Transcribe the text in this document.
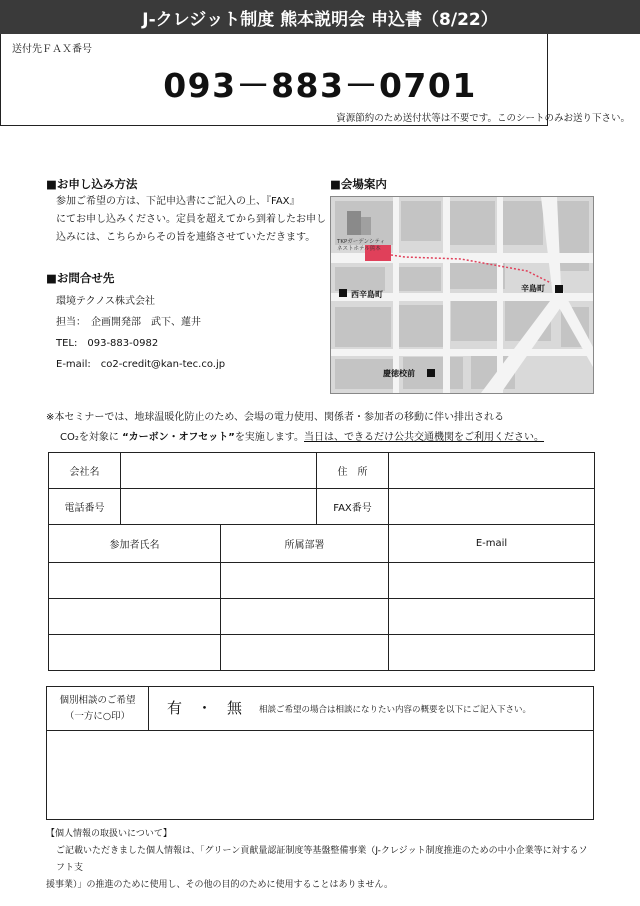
J-クレジット制度 熊本説明会 申込書（8/22）
送付先ＦＡＸ番号
093－883－0701
資源節約のため送付状等は不要です。このシートのみお送り下さい。
■お申し込み方法
参加ご希望の方は、下記申込書にご記入の上、『FAX』
にてお申し込みください。定員を超えてから到着したお申し
込みには、こちらからその旨を連絡させていただきます。
■お問合せ先
環境テクノス株式会社
担当：　企画開発部　武下、蓮井
TEL:　093-883-0982
E-mail:　co2-credit@kan-tec.co.jp
■会場案内
TKPガーデンシティ
ネストホテル熊本
西辛島町
辛島町
慶徳校前
※本セミナーでは、地球温暖化防止のため、会場の電力使用、関係者・参加者の移動に伴い排出される
CO₂を対象に “カーボン・オフセット”を実施します。当日は、できるだけ公共交通機関をご利用ください。
会社名		住　所	
電話番号		FAX番号	
参加者氏名	所属部署	E-mail

個別相談のご希望
（一方に○印）	有　・　無 相談ご希望の場合は相談になりたい内容の概要を以下にご記入下さい。
【個人情報の取扱いについて】
ご記載いただきました個人情報は、「グリーン貢献量認証制度等基盤整備事業（J-クレジット制度推進のための中小企業等に対するソフト支
援事業）」の推進のために使用し、その他の目的のために使用することはありません。
